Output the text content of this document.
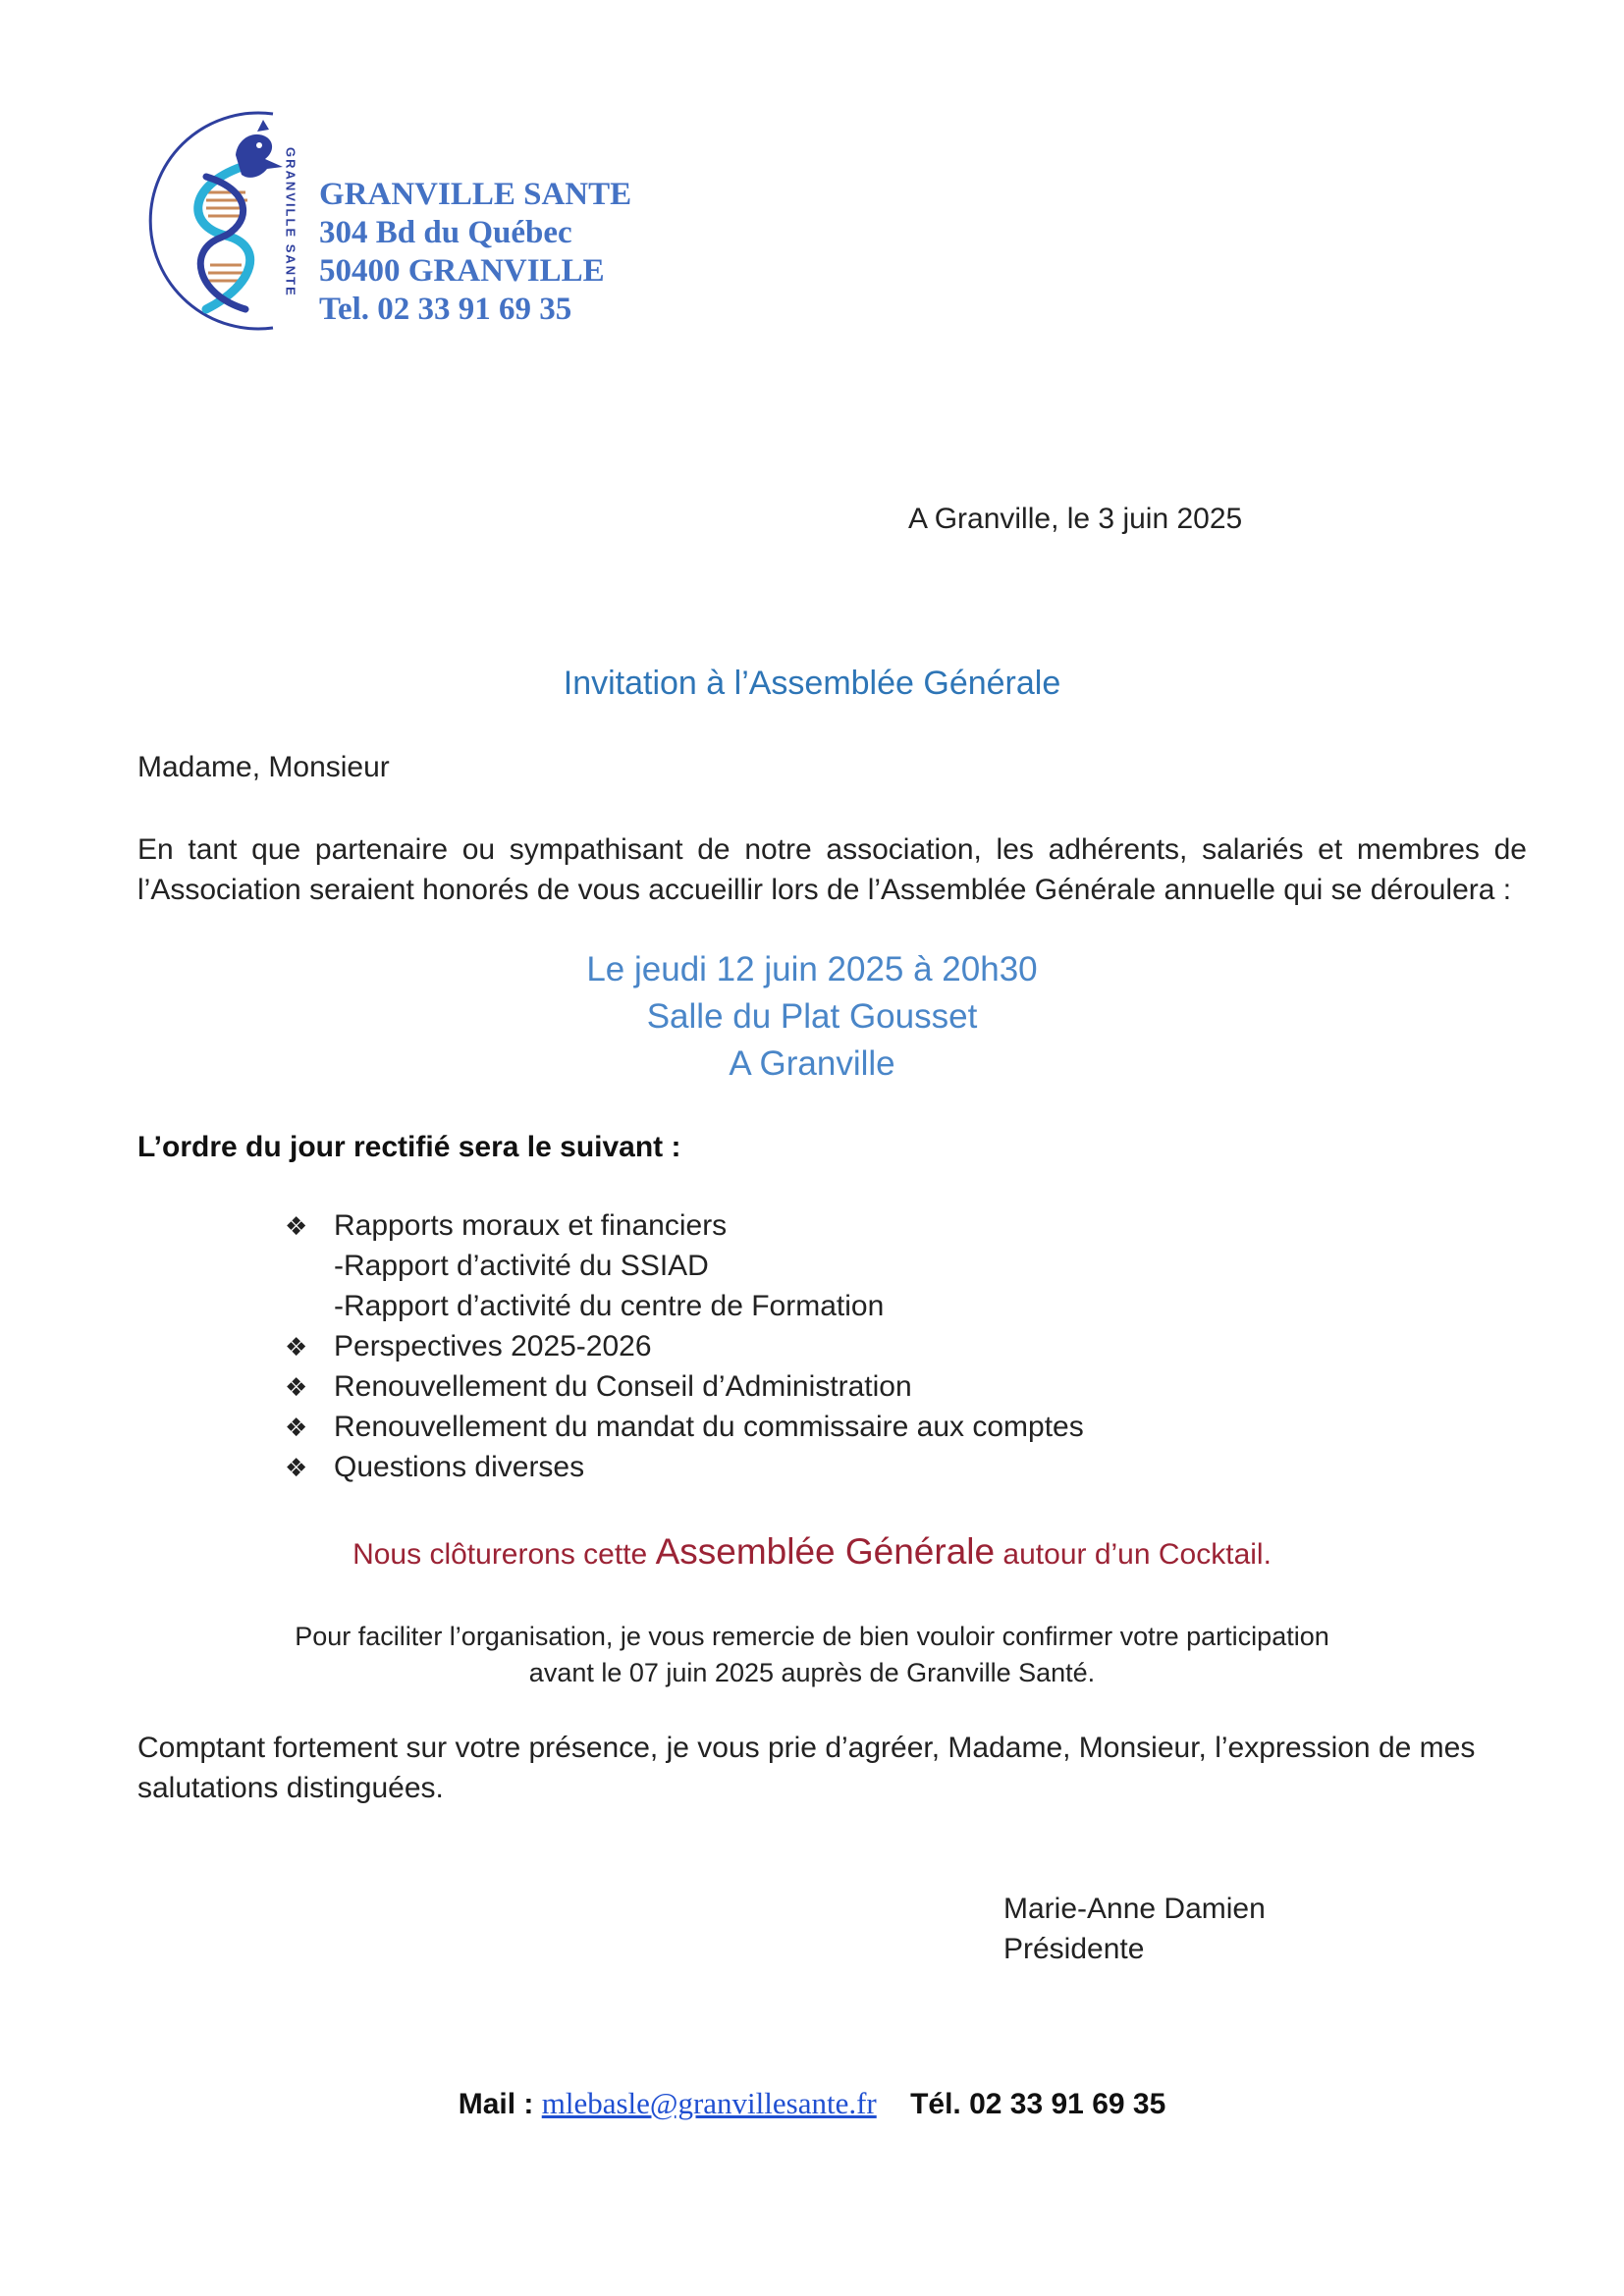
GRANVILLE SANTE GRANVILLE SANTE
304 Bd du Québec
50400 GRANVILLE
Tel. 02 33 91 69 35
A Granville, le 3 juin 2025
Invitation à l’Assemblée Générale
Madame, Monsieur
En tant que partenaire ou sympathisant de notre association, les adhérents, salariés et membres de l’Association seraient honorés de vous accueillir lors de l’Assemblée Générale annuelle qui se déroulera :
Le jeudi 12 juin 2025 à 20h30
Salle du Plat Gousset
A Granville
L’ordre du jour rectifié sera le suivant :
❖ Rapports moraux et financiers
-Rapport d’activité du SSIAD
-Rapport d’activité du centre de Formation
❖ Perspectives 2025-2026
❖ Renouvellement du Conseil d’Administration
❖ Renouvellement du mandat du commissaire aux comptes
❖ Questions diverses
Nous clôturerons cette Assemblée Générale autour d’un Cocktail.
Pour faciliter l’organisation, je vous remercie de bien vouloir confirmer votre participation
avant le 07 juin 2025 auprès de Granville Santé.
Comptant fortement sur votre présence, je vous prie d’agréer, Madame, Monsieur, l’expression de mes salutations distinguées.
Marie-Anne Damien
Présidente
Mail : mlebasle@granvillesante.fr Tél. 02 33 91 69 35
